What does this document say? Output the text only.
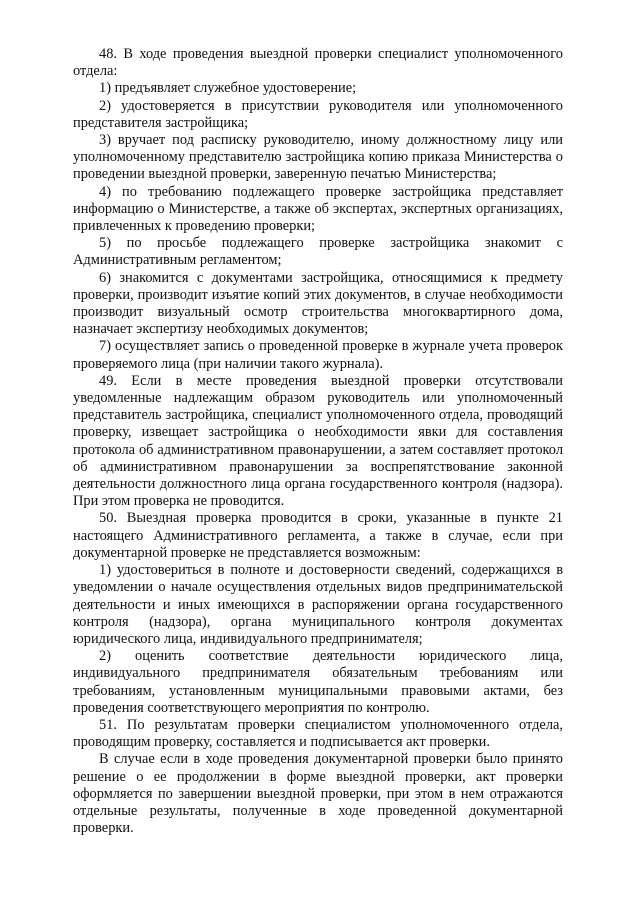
48. В ходе проведения выездной проверки специалист уполномоченного отдела:

1) предъявляет служебное удостоверение;

2) удостоверяется в присутствии руководителя или уполномоченного представителя застройщика;

3) вручает под расписку руководителю, иному должностному лицу или уполномоченному представителю застройщика копию приказа Министерства о проведении выездной проверки, заверенную печатью Министерства;

4) по требованию подлежащего проверке застройщика представляет информацию о Министерстве, а также об экспертах, экспертных организациях, привлеченных к проведению проверки;

5) по просьбе подлежащего проверке застройщика знакомит с Административным регламентом;

6) знакомится с документами застройщика, относящимися к предмету проверки, производит изъятие копий этих документов, в случае необходимости производит визуальный осмотр строительства многоквартирного дома, назначает экспертизу необходимых документов;

7) осуществляет запись о проведенной проверке в журнале учета проверок проверяемого лица (при наличии такого журнала).

49. Если в месте проведения выездной проверки отсутствовали уведомленные надлежащим образом руководитель или уполномоченный представитель застройщика, специалист уполномоченного отдела, проводящий проверку, извещает застройщика о необходимости явки для составления протокола об административном правонарушении, а затем составляет протокол об административном правонарушении за воспрепятствование законной деятельности должностного лица органа государственного контроля (надзора). При этом проверка не проводится.

50. Выездная проверка проводится в сроки, указанные в пункте 21 настоящего Административного регламента, а также в случае, если при документарной проверке не представляется возможным:

1) удостовериться в полноте и достоверности сведений, содержащихся в уведомлении о начале осуществления отдельных видов предпринимательской деятельности и иных имеющихся в распоряжении органа государственного контроля (надзора), органа муниципального контроля документах юридического лица, индивидуального предпринимателя;

2) оценить соответствие деятельности юридического лица, индивидуального предпринимателя обязательным требованиям или требованиям, установленным муниципальными правовыми актами, без проведения соответствующего мероприятия по контролю.

51. По результатам проверки специалистом уполномоченного отдела, проводящим проверку, составляется и подписывается акт проверки.

В случае если в ходе проведения документарной проверки было принято решение о ее продолжении в форме выездной проверки, акт проверки оформляется по завершении выездной проверки, при этом в нем отражаются отдельные результаты, полученные в ходе проведенной документарной проверки.
